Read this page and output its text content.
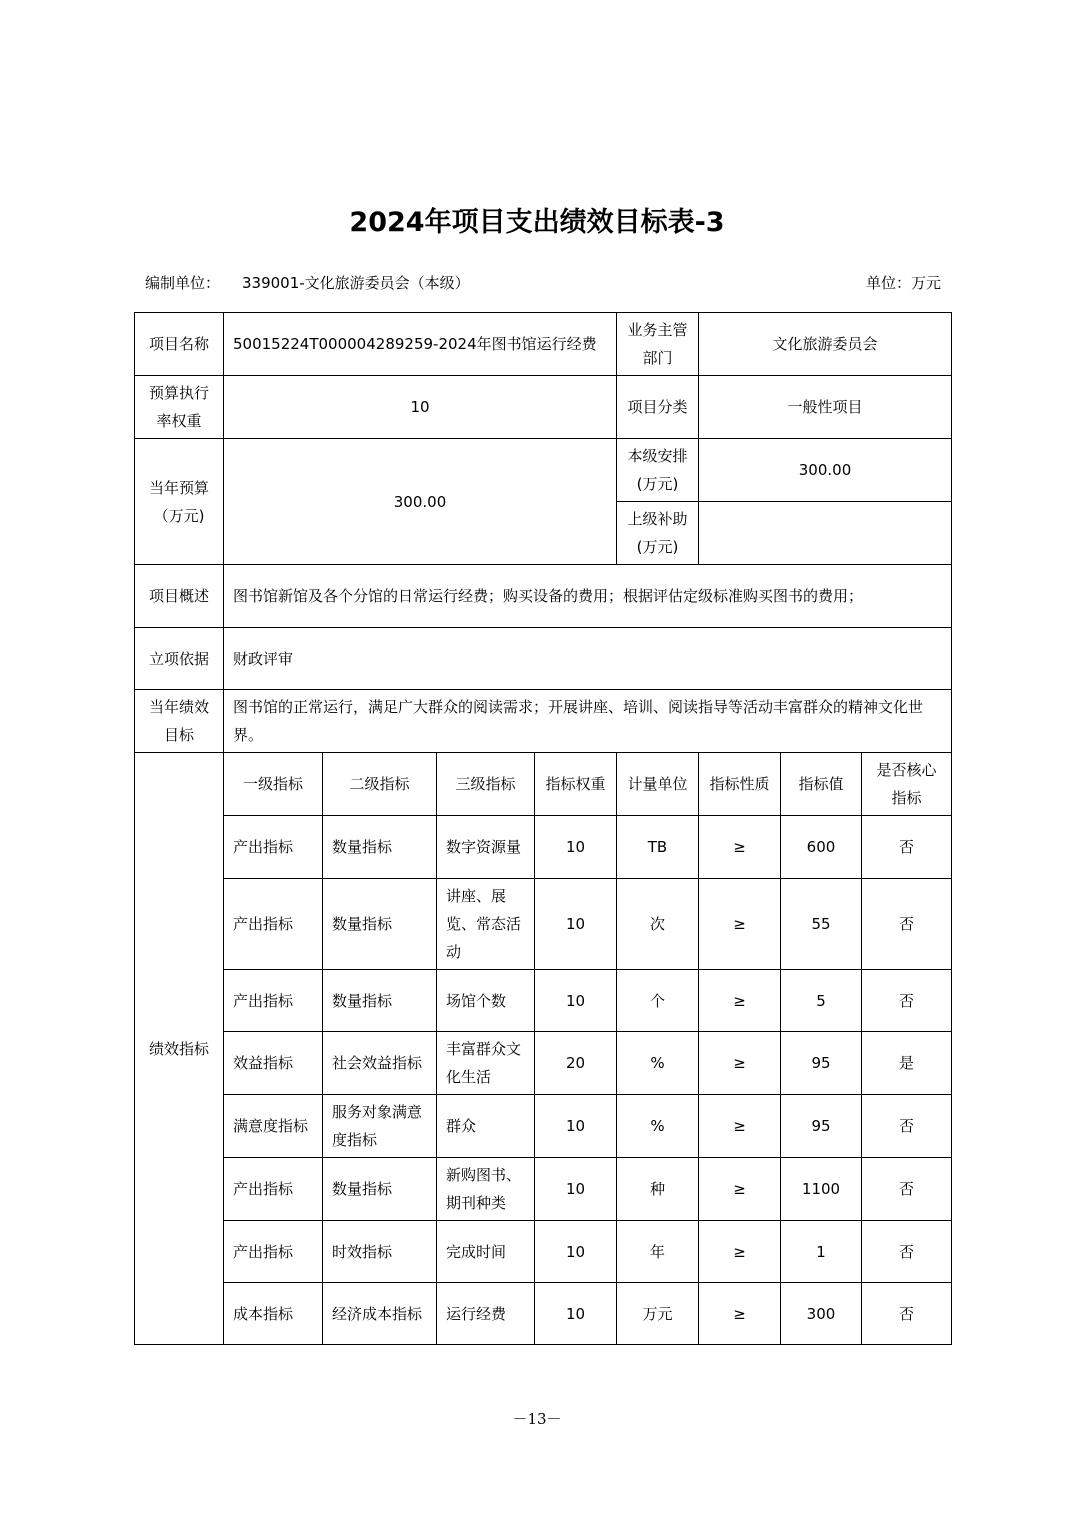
2024年项目支出绩效目标表-3
编制单位： 339001-文化旅游委员会（本级）	单位：万元
项目名称	50015224T000004289259-2024年图书馆运行经费				业务主管部门	文化旅游委员会		
预算执行率权重	10				项目分类	一般性项目		
当年预算（万元)	300.00				本级安排(万元)	300.00		
					上级补助(万元)			
项目概述	图书馆新馆及各个分馆的日常运行经费；购买设备的费用；根据评估定级标准购买图书的费用；							
立项依据	财政评审							
当年绩效目标	图书馆的正常运行，满足广大群众的阅读需求；开展讲座、培训、阅读指导等活动丰富群众的精神文化世界。							
绩效指标	一级指标	二级指标	三级指标	指标权重	计量单位	指标性质	指标值	是否核心指标
	产出指标	数量指标	数字资源量	10	TB	≥	600	否
	产出指标	数量指标	讲座、展览、常态活动	10	次	≥	55	否
	产出指标	数量指标	场馆个数	10	个	≥	5	否
	效益指标	社会效益指标	丰富群众文化生活	20	%	≥	95	是
	满意度指标	服务对象满意度指标	群众	10	%	≥	95	否
	产出指标	数量指标	新购图书、期刊种类	10	种	≥	1100	否
	产出指标	时效指标	完成时间	10	年	≥	1	否
	成本指标	经济成本指标	运行经费	10	万元	≥	300	否
－13－
